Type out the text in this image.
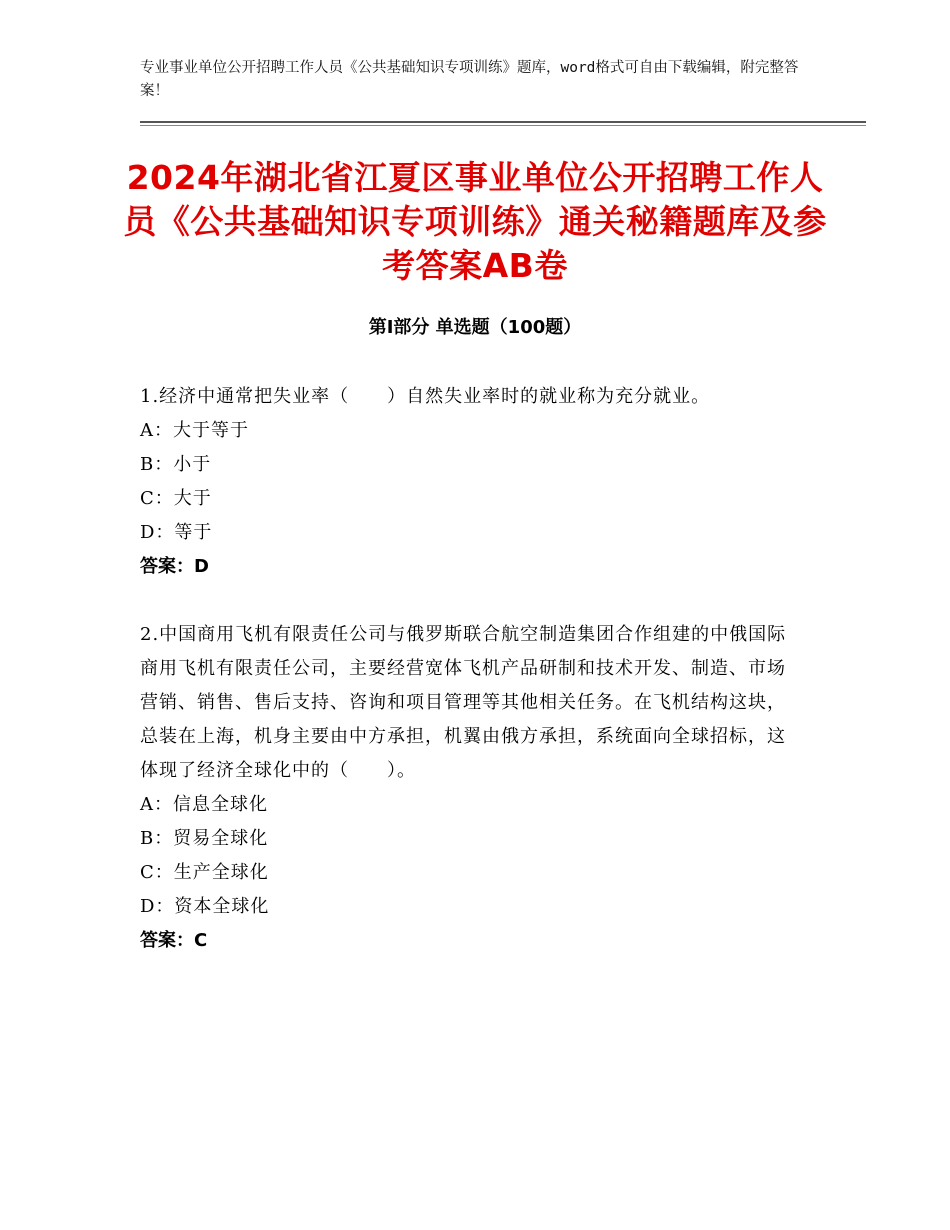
专业事业单位公开招聘工作人员《公共基础知识专项训练》题库，word格式可自由下载编辑，附完整答案！
2024年湖北省江夏区事业单位公开招聘工作人员《公共基础知识专项训练》通关秘籍题库及参考答案AB卷
第Ⅰ部分 单选题（100题）

1.经济中通常把失业率（　　）自然失业率时的就业称为充分就业。

A：大于等于

B：小于

C：大于

D：等于

答案：D

2.中国商用飞机有限责任公司与俄罗斯联合航空制造集团合作组建的中俄国际商用飞机有限责任公司，主要经营宽体飞机产品研制和技术开发、制造、市场营销、销售、售后支持、咨询和项目管理等其他相关任务。在飞机结构这块，总装在上海，机身主要由中方承担，机翼由俄方承担，系统面向全球招标，这体现了经济全球化中的（　　）。

A：信息全球化

B：贸易全球化

C：生产全球化

D：资本全球化

答案：C
